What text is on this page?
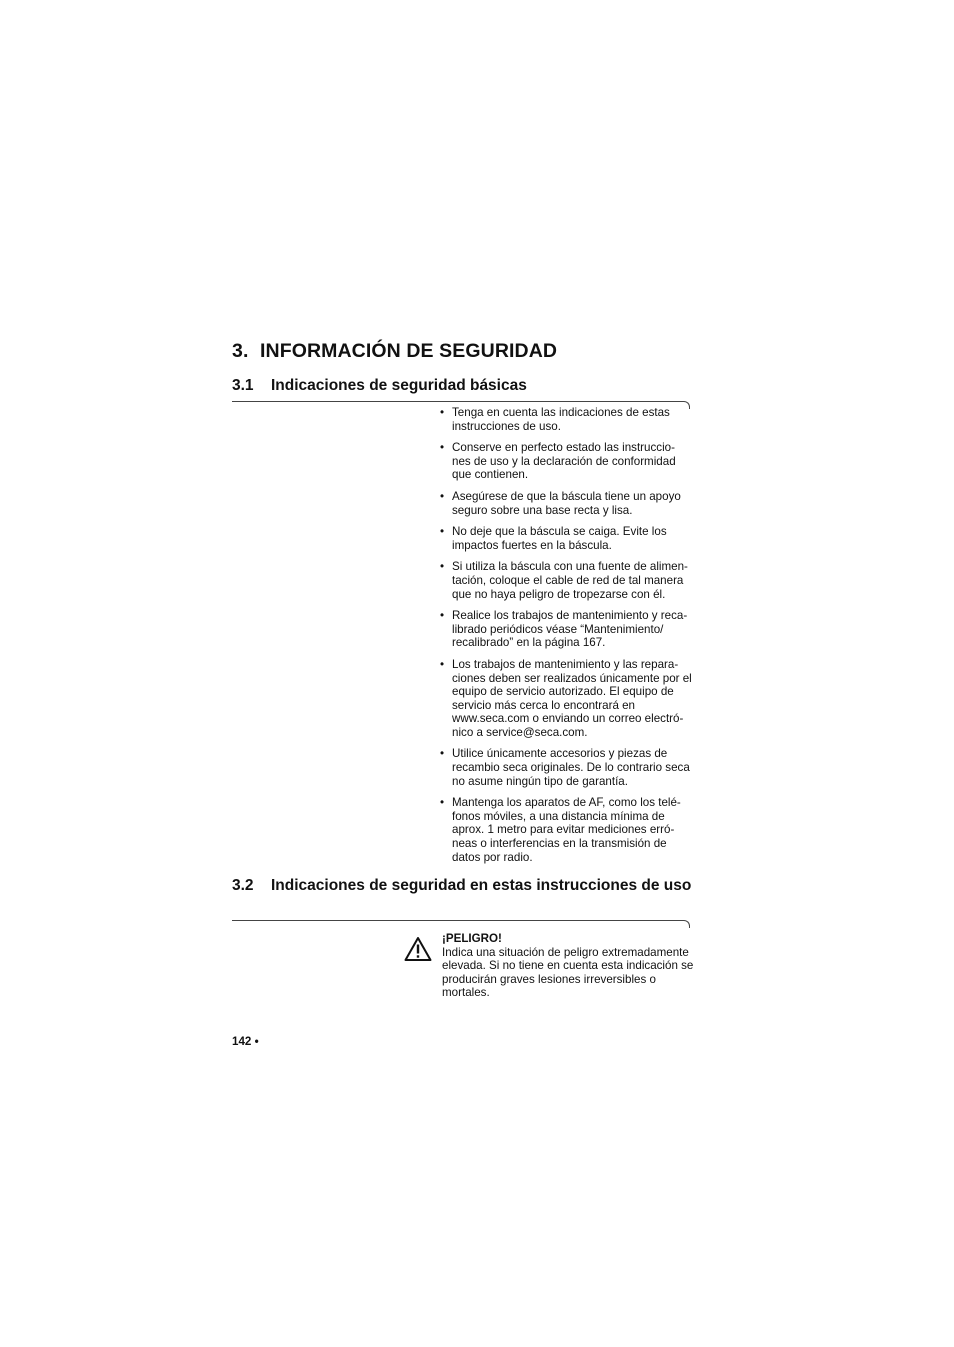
3. INFORMACIÓN DE SEGURIDAD
3.1	Indicaciones de seguridad básicas
• Tenga en cuenta las indicaciones de estas instrucciones de uso.
• Conserve en perfecto estado las instruccio-nes de uso y la declaración de conformidad que contienen.
• Asegúrese de que la báscula tiene un apoyo seguro sobre una base recta y lisa.
• No deje que la báscula se caiga. Evite los impactos fuertes en la báscula.
• Si utiliza la báscula con una fuente de alimen-tación, coloque el cable de red de tal manera que no haya peligro de tropezarse con él.
• Realice los trabajos de mantenimiento y reca-librado periódicos véase “Mantenimiento/ recalibrado” en la página 167.
• Los trabajos de mantenimiento y las repara-ciones deben ser realizados únicamente por el equipo de servicio autorizado. El equipo de servicio más cerca lo encontrará en www.seca.com o enviando un correo electró-nico a service@seca.com.
• Utilice únicamente accesorios y piezas de recambio seca originales. De lo contrario seca no asume ningún tipo de garantía.
• Mantenga los aparatos de AF, como los telé-fonos móviles, a una distancia mínima de aprox. 1 metro para evitar mediciones erró-neas o interferencias en la transmisión de datos por radio.
3.2	Indicaciones de seguridad en estas instrucciones de uso
¡PELIGRO!
Indica una situación de peligro extremadamente elevada. Si no tiene en cuenta esta indicación se producirán graves lesiones irreversibles o mortales.
142 •
